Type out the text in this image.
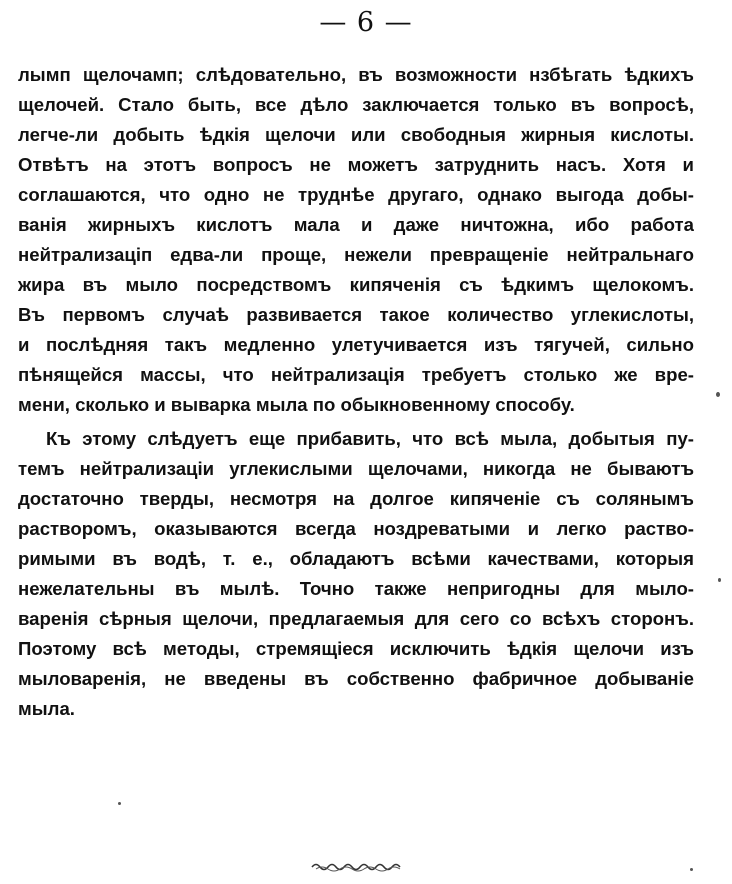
— 6 —
лымп щелочамп; слѣдовательно, въ возможности нзбѣгать ѣдкихъ
щелочей. Стало быть, все дѣло заключается только въ вопросѣ,
легче-ли добыть ѣдкія щелочи или свободныя жирныя кислоты.
Отвѣтъ на этотъ вопросъ не можетъ затруднить насъ. Хотя и
соглашаются, что одно не труднѣе другаго, однако выгода добы-
ванія жирныхъ кислотъ мала и даже ничтожна, ибо работа
нейтрализаціп едва-ли проще, нежели превращеніе нейтральнаго
жира въ мыло посредствомъ кипяченія съ ѣдкимъ щелокомъ.
Въ первомъ случаѣ развивается такое количество углекислоты,
и послѣдняя такъ медленно улетучивается изъ тягучей, сильно
пѣнящейся массы, что нейтрализація требуетъ столько же вре-
мени, сколько и выварка мыла по обыкновенному способу.
Къ этому слѣдуетъ еще прибавить, что всѣ мыла, добытыя пу-
темъ нейтрализаціи углекислыми щелочами, никогда не бываютъ
достаточно тверды, несмотря на долгое кипяченіе съ солянымъ
растворомъ, оказываются всегда ноздреватыми и легко раство-
римыми въ водѣ, т. е., обладаютъ всѣми качествами, которыя
нежелательны въ мылѣ. Точно также непригодны для мыло-
варенія сѣрныя щелочи, предлагаемыя для сего со всѣхъ сторонъ.
Поэтому всѣ методы, стремящіеся исключить ѣдкія щелочи изъ
мыловаренія, не введены въ собственно фабричное добываніе
мыла.
